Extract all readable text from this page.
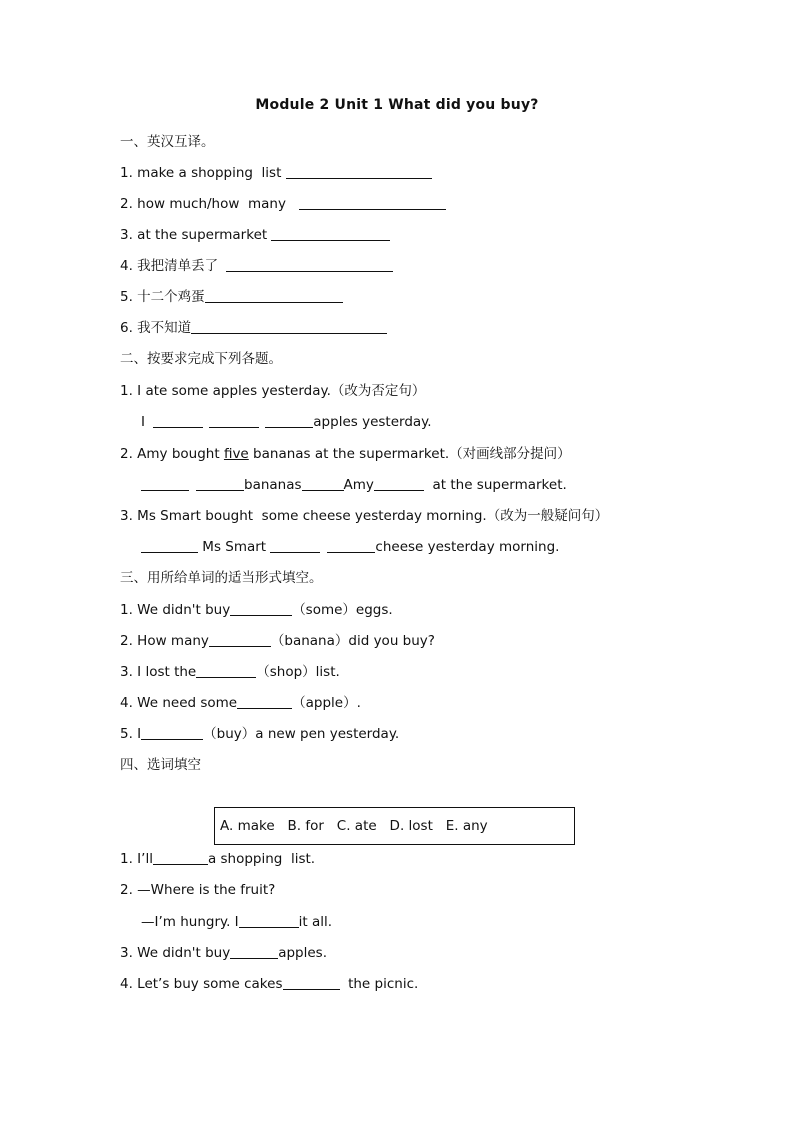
Module 2 Unit 1 What did you buy?
一、英汉互译。
1. make a shopping  list
2. how much/how  many
3. at the supermarket
4. 我把清单丢了
5. 十二个鸡蛋
6. 我不知道
二、按要求完成下列各题。
1. I ate some apples yesterday.（改为否定句）
I	apples yesterday.
2. Amy bought five bananas at the supermarket.（对画线部分提问）
bananas	Amy	at the supermarket.
3. Ms Smart bought  some cheese yesterday morning.（改为一般疑问句）
Ms Smart	cheese yesterday morning.
三、用所给单词的适当形式填空。
1. We didn't buy	（some）eggs.
2. How many	（banana）did you buy?
3. I lost the	（shop）list.
4. We need some	（apple）.
5. I	（buy）a new pen yesterday.
四、选词填空
A. make   B. for   C. ate   D. lost   E. any
1. I’ll	a shopping  list.
2. —Where is the fruit?
—I’m hungry. I	it all.
3. We didn't buy	apples.
4. Let’s buy some cakes	the picnic.
